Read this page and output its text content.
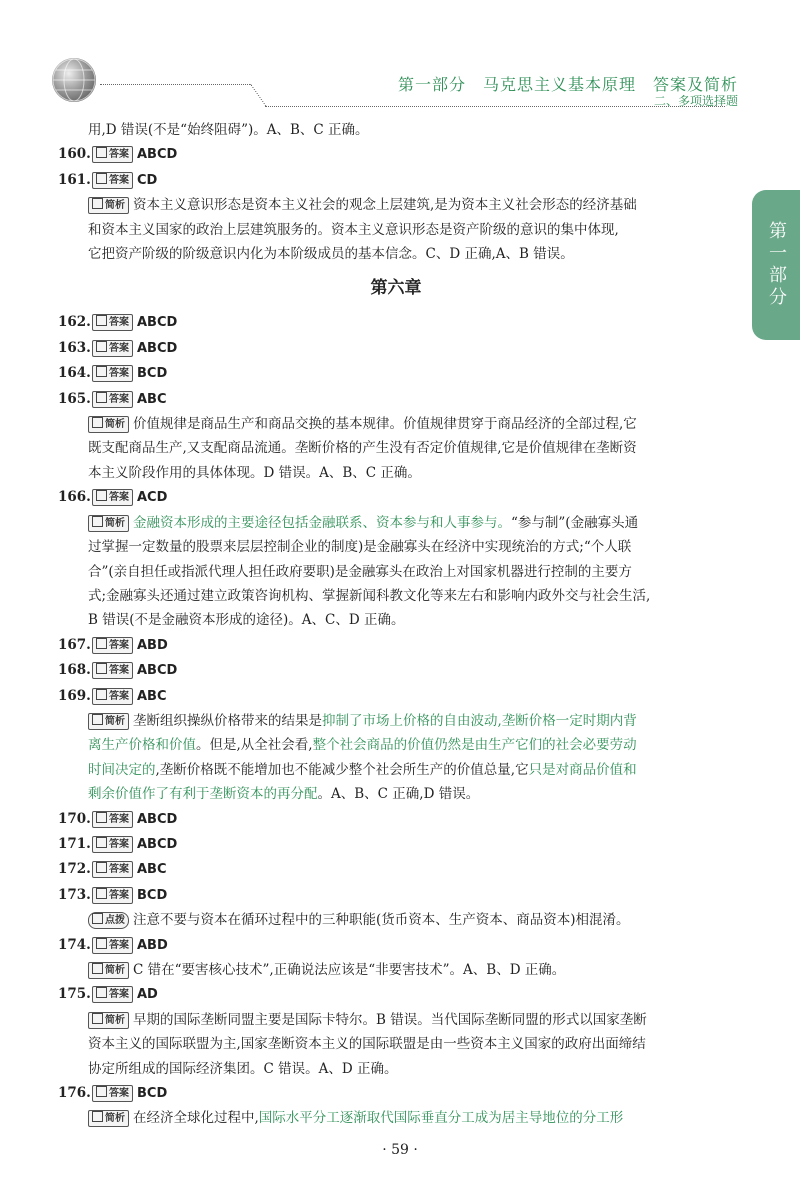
第一部分　马克思主义基本原理　答案及简析
二、多项选择题
第一部分
用,D 错误(不是“始终阻碍”)。A、B、C 正确。
160. 答案 ABCD
161. 答案 CD
简析 资本主义意识形态是资本主义社会的观念上层建筑,是为资本主义社会形态的经济基础
和资本主义国家的政治上层建筑服务的。资本主义意识形态是资产阶级的意识的集中体现,
它把资产阶级的阶级意识内化为本阶级成员的基本信念。C、D 正确,A、B 错误。
第六章
162. 答案 ABCD
163. 答案 ABCD
164. 答案 BCD
165. 答案 ABC
简析 价值规律是商品生产和商品交换的基本规律。价值规律贯穿于商品经济的全部过程,它
既支配商品生产,又支配商品流通。垄断价格的产生没有否定价值规律,它是价值规律在垄断资
本主义阶段作用的具体体现。D 错误。A、B、C 正确。
166. 答案 ACD
简析 金融资本形成的主要途径包括金融联系、资本参与和人事参与。“参与制”(金融寡头通
过掌握一定数量的股票来层层控制企业的制度)是金融寡头在经济中实现统治的方式;“个人联
合”(亲自担任或指派代理人担任政府要职)是金融寡头在政治上对国家机器进行控制的主要方
式;金融寡头还通过建立政策咨询机构、掌握新闻科教文化等来左右和影响内政外交与社会生活,
B 错误(不是金融资本形成的途径)。A、C、D 正确。
167. 答案 ABD
168. 答案 ABCD
169. 答案 ABC
简析 垄断组织操纵价格带来的结果是抑制了市场上价格的自由波动,垄断价格一定时期内背
离生产价格和价值。但是,从全社会看,整个社会商品的价值仍然是由生产它们的社会必要劳动
时间决定的,垄断价格既不能增加也不能减少整个社会所生产的价值总量,它只是对商品价值和
剩余价值作了有利于垄断资本的再分配。A、B、C 正确,D 错误。
170. 答案 ABCD
171. 答案 ABCD
172. 答案 ABC
173. 答案 BCD
点拨 注意不要与资本在循环过程中的三种职能(货币资本、生产资本、商品资本)相混淆。
174. 答案 ABD
简析 C 错在“要害核心技术”,正确说法应该是“非要害技术”。A、B、D 正确。
175. 答案 AD
简析 早期的国际垄断同盟主要是国际卡特尔。B 错误。当代国际垄断同盟的形式以国家垄断
资本主义的国际联盟为主,国家垄断资本主义的国际联盟是由一些资本主义国家的政府出面缔结
协定所组成的国际经济集团。C 错误。A、D 正确。
176. 答案 BCD
简析 在经济全球化过程中,国际水平分工逐渐取代国际垂直分工成为居主导地位的分工形
· 59 ·
